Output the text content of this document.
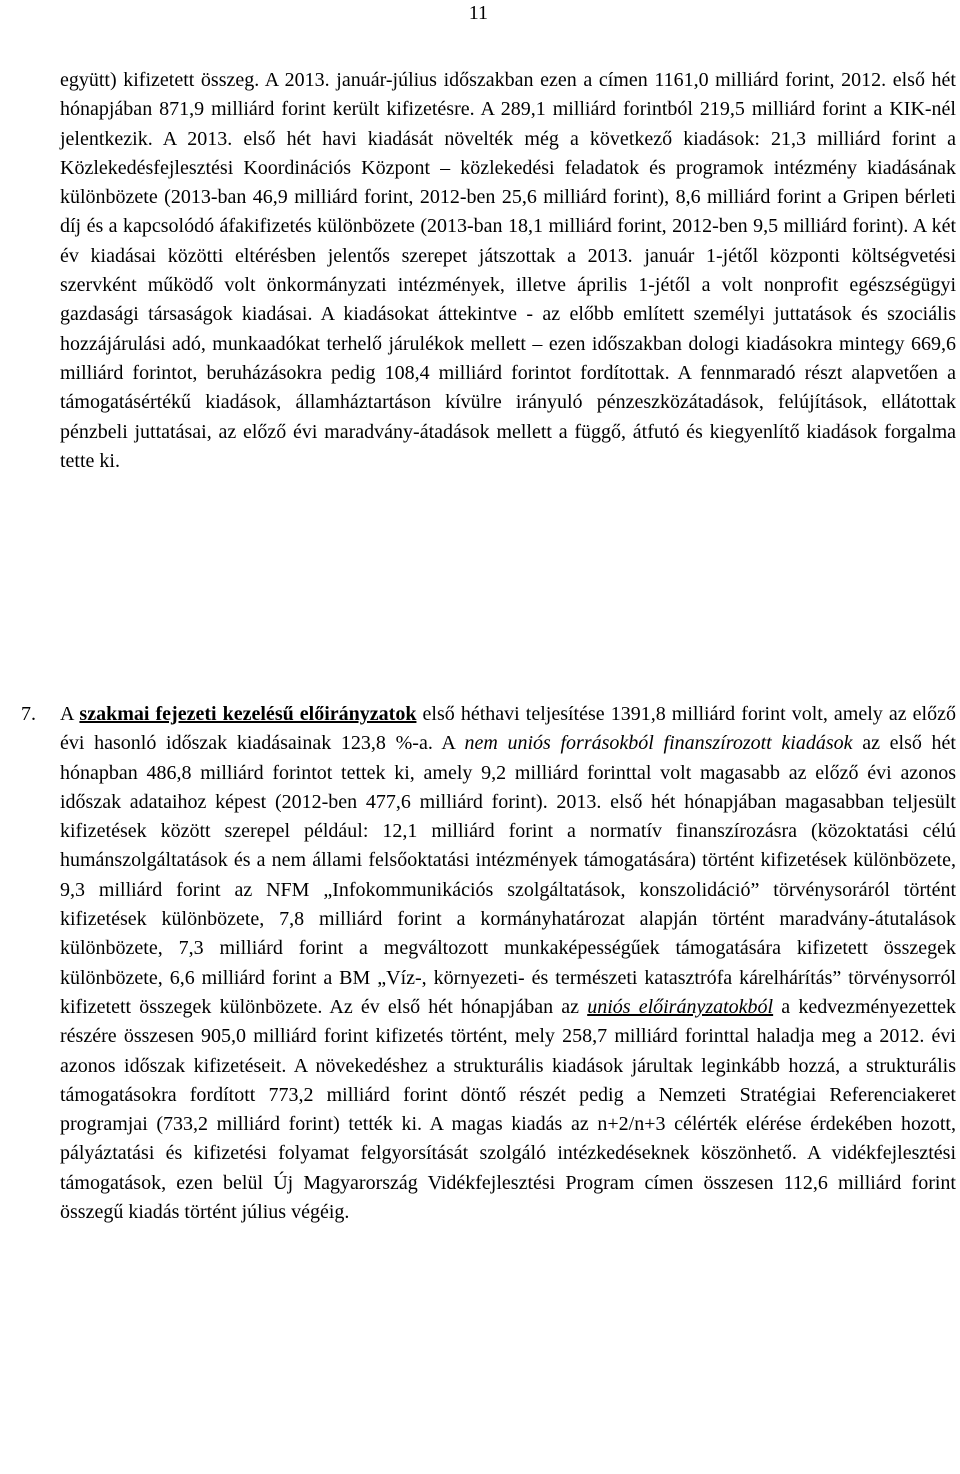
11

együtt) kifizetett összeg. A 2013. január-július időszakban ezen a címen 1161,0 milliárd forint, 2012. első hét hónapjában 871,9 milliárd forint került kifizetésre. A 289,1 milliárd forintból 219,5 milliárd forint a KIK-nél jelentkezik. A 2013. első hét havi kiadását növelték még a következő kiadások: 21,3 milliárd forint a Közlekedésfejlesztési Koordinációs Központ – közlekedési feladatok és programok intézmény kiadásának különbözete (2013-ban 46,9 milliárd forint, 2012-ben 25,6 milliárd forint), 8,6 milliárd forint a Gripen bérleti díj és a kapcsolódó áfakifizetés különbözete (2013-ban 18,1 milliárd forint, 2012-ben 9,5 milliárd forint). A két év kiadásai közötti eltérésben jelentős szerepet játszottak a 2013. január 1-jétől központi költségvetési szervként működő volt önkormányzati intézmények, illetve április 1-jétől a volt nonprofit egészségügyi gazdasági társaságok kiadásai. A kiadásokat áttekintve - az előbb említett személyi juttatások és szociális hozzájárulási adó, munkaadókat terhelő járulékok mellett – ezen időszakban dologi kiadásokra mintegy 669,6 milliárd forintot, beruházásokra pedig 108,4 milliárd forintot fordítottak. A fennmaradó részt alapvetően a támogatásértékű kiadások, államháztartáson kívülre irányuló pénzeszközátadások, felújítások, ellátottak pénzbeli juttatásai, az előző évi maradvány-átadások mellett a függő, átfutó és kiegyenlítő kiadások forgalma tette ki.

7. A szakmai fejezeti kezelésű előirányzatok első héthavi teljesítése 1391,8 milliárd forint volt, amely az előző évi hasonló időszak kiadásainak 123,8 %-a. A nem uniós forrásokból finanszírozott kiadások az első hét hónapban 486,8 milliárd forintot tettek ki, amely 9,2 milliárd forinttal volt magasabb az előző évi azonos időszak adataihoz képest (2012-ben 477,6 milliárd forint). 2013. első hét hónapjában magasabban teljesült kifizetések között szerepel például: 12,1 milliárd forint a normatív finanszírozásra (közoktatási célú humánszolgáltatások és a nem állami felsőoktatási intézmények támogatására) történt kifizetések különbözete, 9,3 milliárd forint az NFM „Infokommunikációs szolgáltatások, konszolidáció” törvénysoráról történt kifizetések különbözete, 7,8 milliárd forint a kormányhatározat alapján történt maradvány-átutalások különbözete, 7,3 milliárd forint a megváltozott munkaképességűek támogatására kifizetett összegek különbözete, 6,6 milliárd forint a BM „Víz-, környezeti- és természeti katasztrófa kárelhárítás” törvénysorról kifizetett összegek különbözete. Az év első hét hónapjában az uniós előirányzatokból a kedvezményezettek részére összesen 905,0 milliárd forint kifizetés történt, mely 258,7 milliárd forinttal haladja meg a 2012. évi azonos időszak kifizetéseit. A növekedéshez a strukturális kiadások járultak leginkább hozzá, a strukturális támogatásokra fordított 773,2 milliárd forint döntő részét pedig a Nemzeti Stratégiai Referenciakeret programjai (733,2 milliárd forint) tették ki. A magas kiadás az n+2/n+3 célérték elérése érdekében hozott, pályáztatási és kifizetési folyamat felgyorsítását szolgáló intézkedéseknek köszönhető. A vidékfejlesztési támogatások, ezen belül Új Magyarország Vidékfejlesztési Program címen összesen 112,6 milliárd forint összegű kiadás történt július végéig.
